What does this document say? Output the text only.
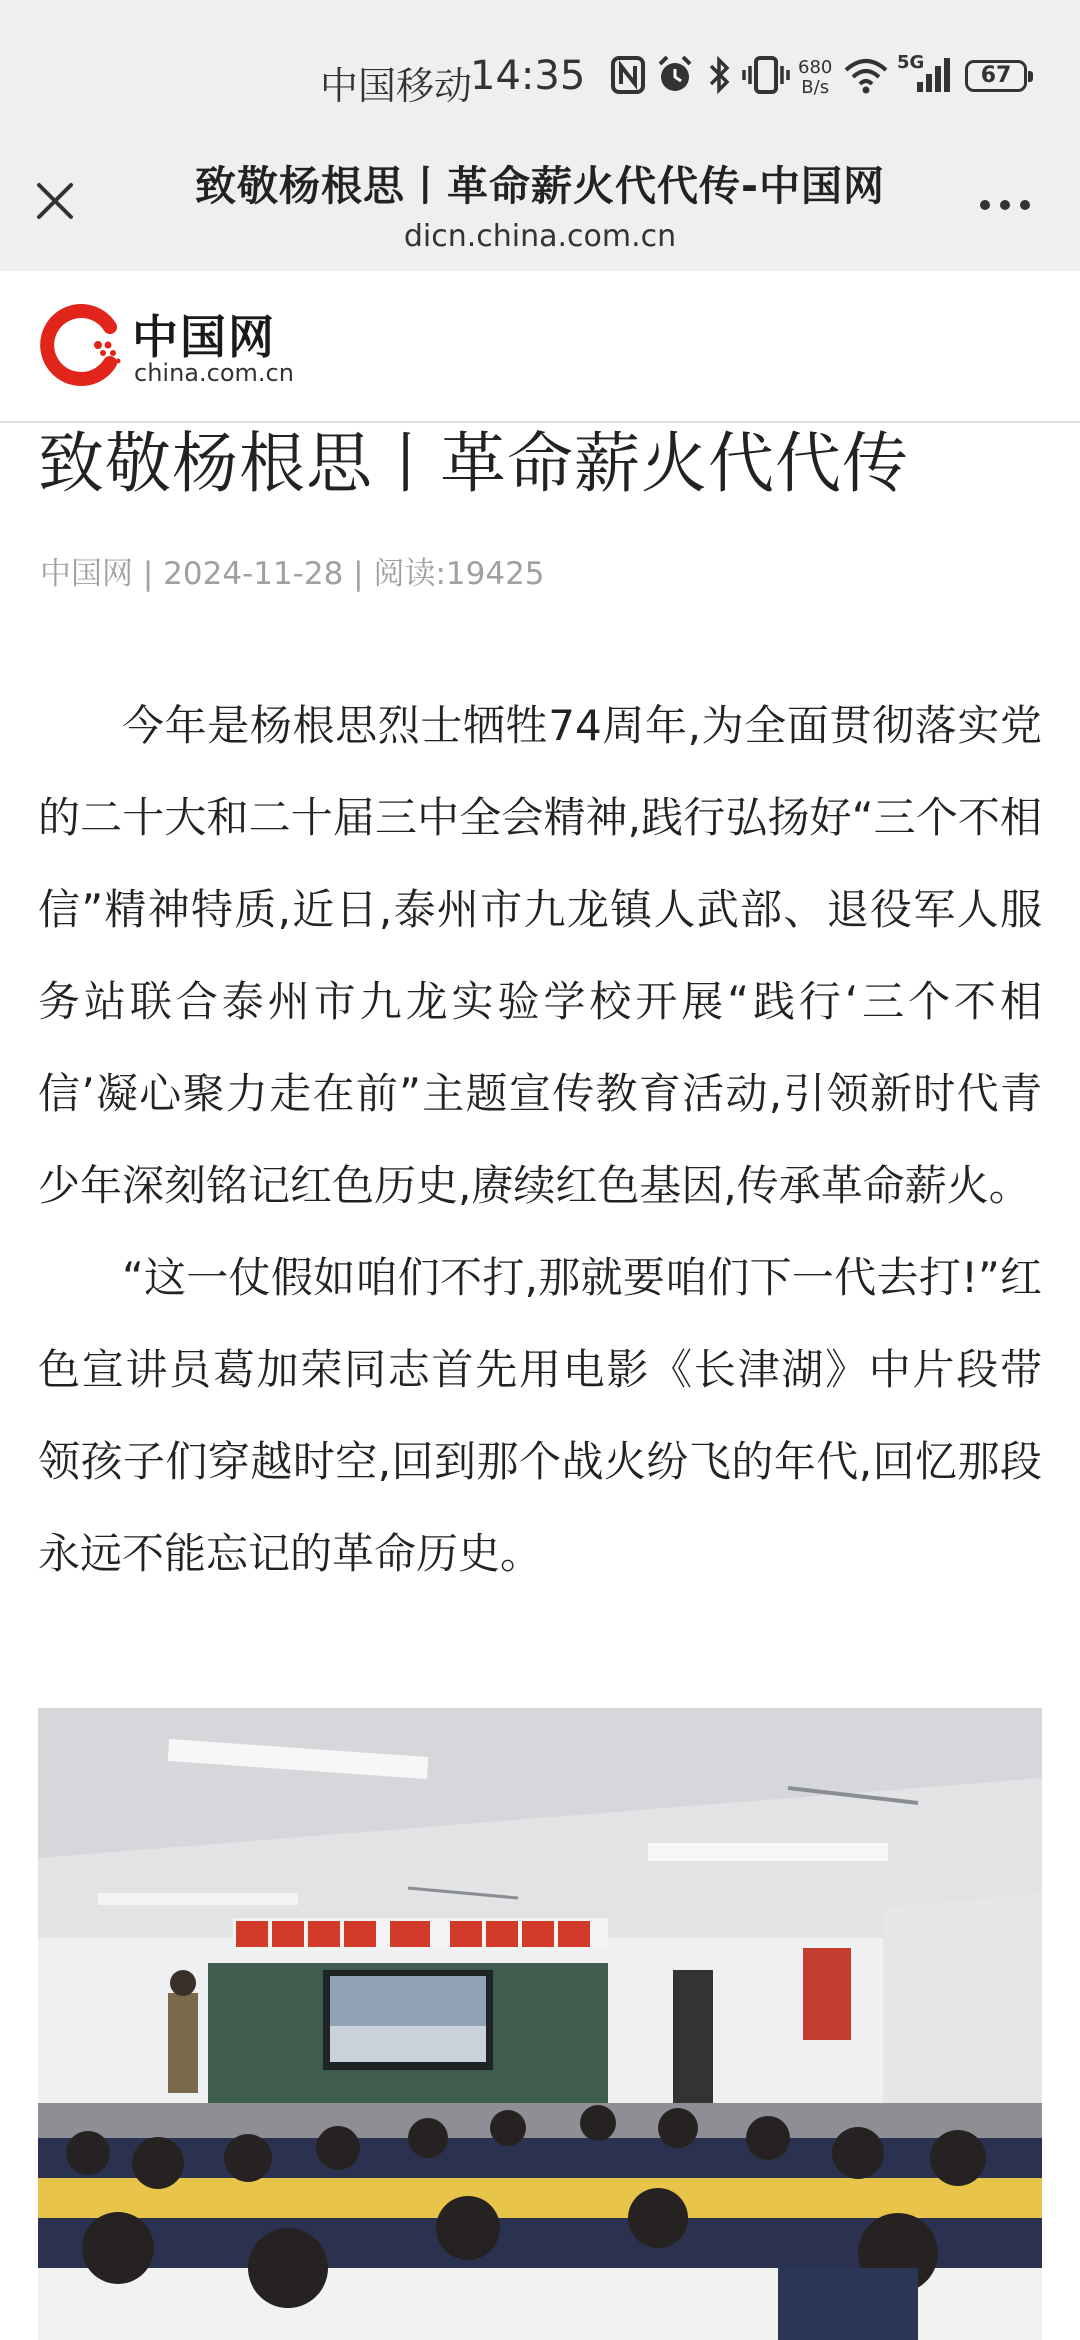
中国移动
14:35	680
B/s
5G
67
致敬杨根思丨革命薪火代代传-中国网
dicn.china.com.cn
中国网
china.com.cn
致敬杨根思丨革命薪火代代传
中国网 | 2024-11-28 | 阅读:19425

今年是杨根思烈士牺牲74周年,为全面贯彻落实党的二十大和二十届三中全会精神,践行弘扬好“三个不相信”精神特质,近日,泰州市九龙镇人武部、退役军人服务站联合泰州市九龙实验学校开展“践行‘三个不相信’凝心聚力走在前”主题宣传教育活动,引领新时代青少年深刻铭记红色历史,赓续红色基因,传承革命薪火。

“这一仗假如咱们不打,那就要咱们下一代去打!”红色宣讲员葛加荣同志首先用电影《长津湖》中片段带领孩子们穿越时空,回到那个战火纷飞的年代,回忆那段永远不能忘记的革命历史。
